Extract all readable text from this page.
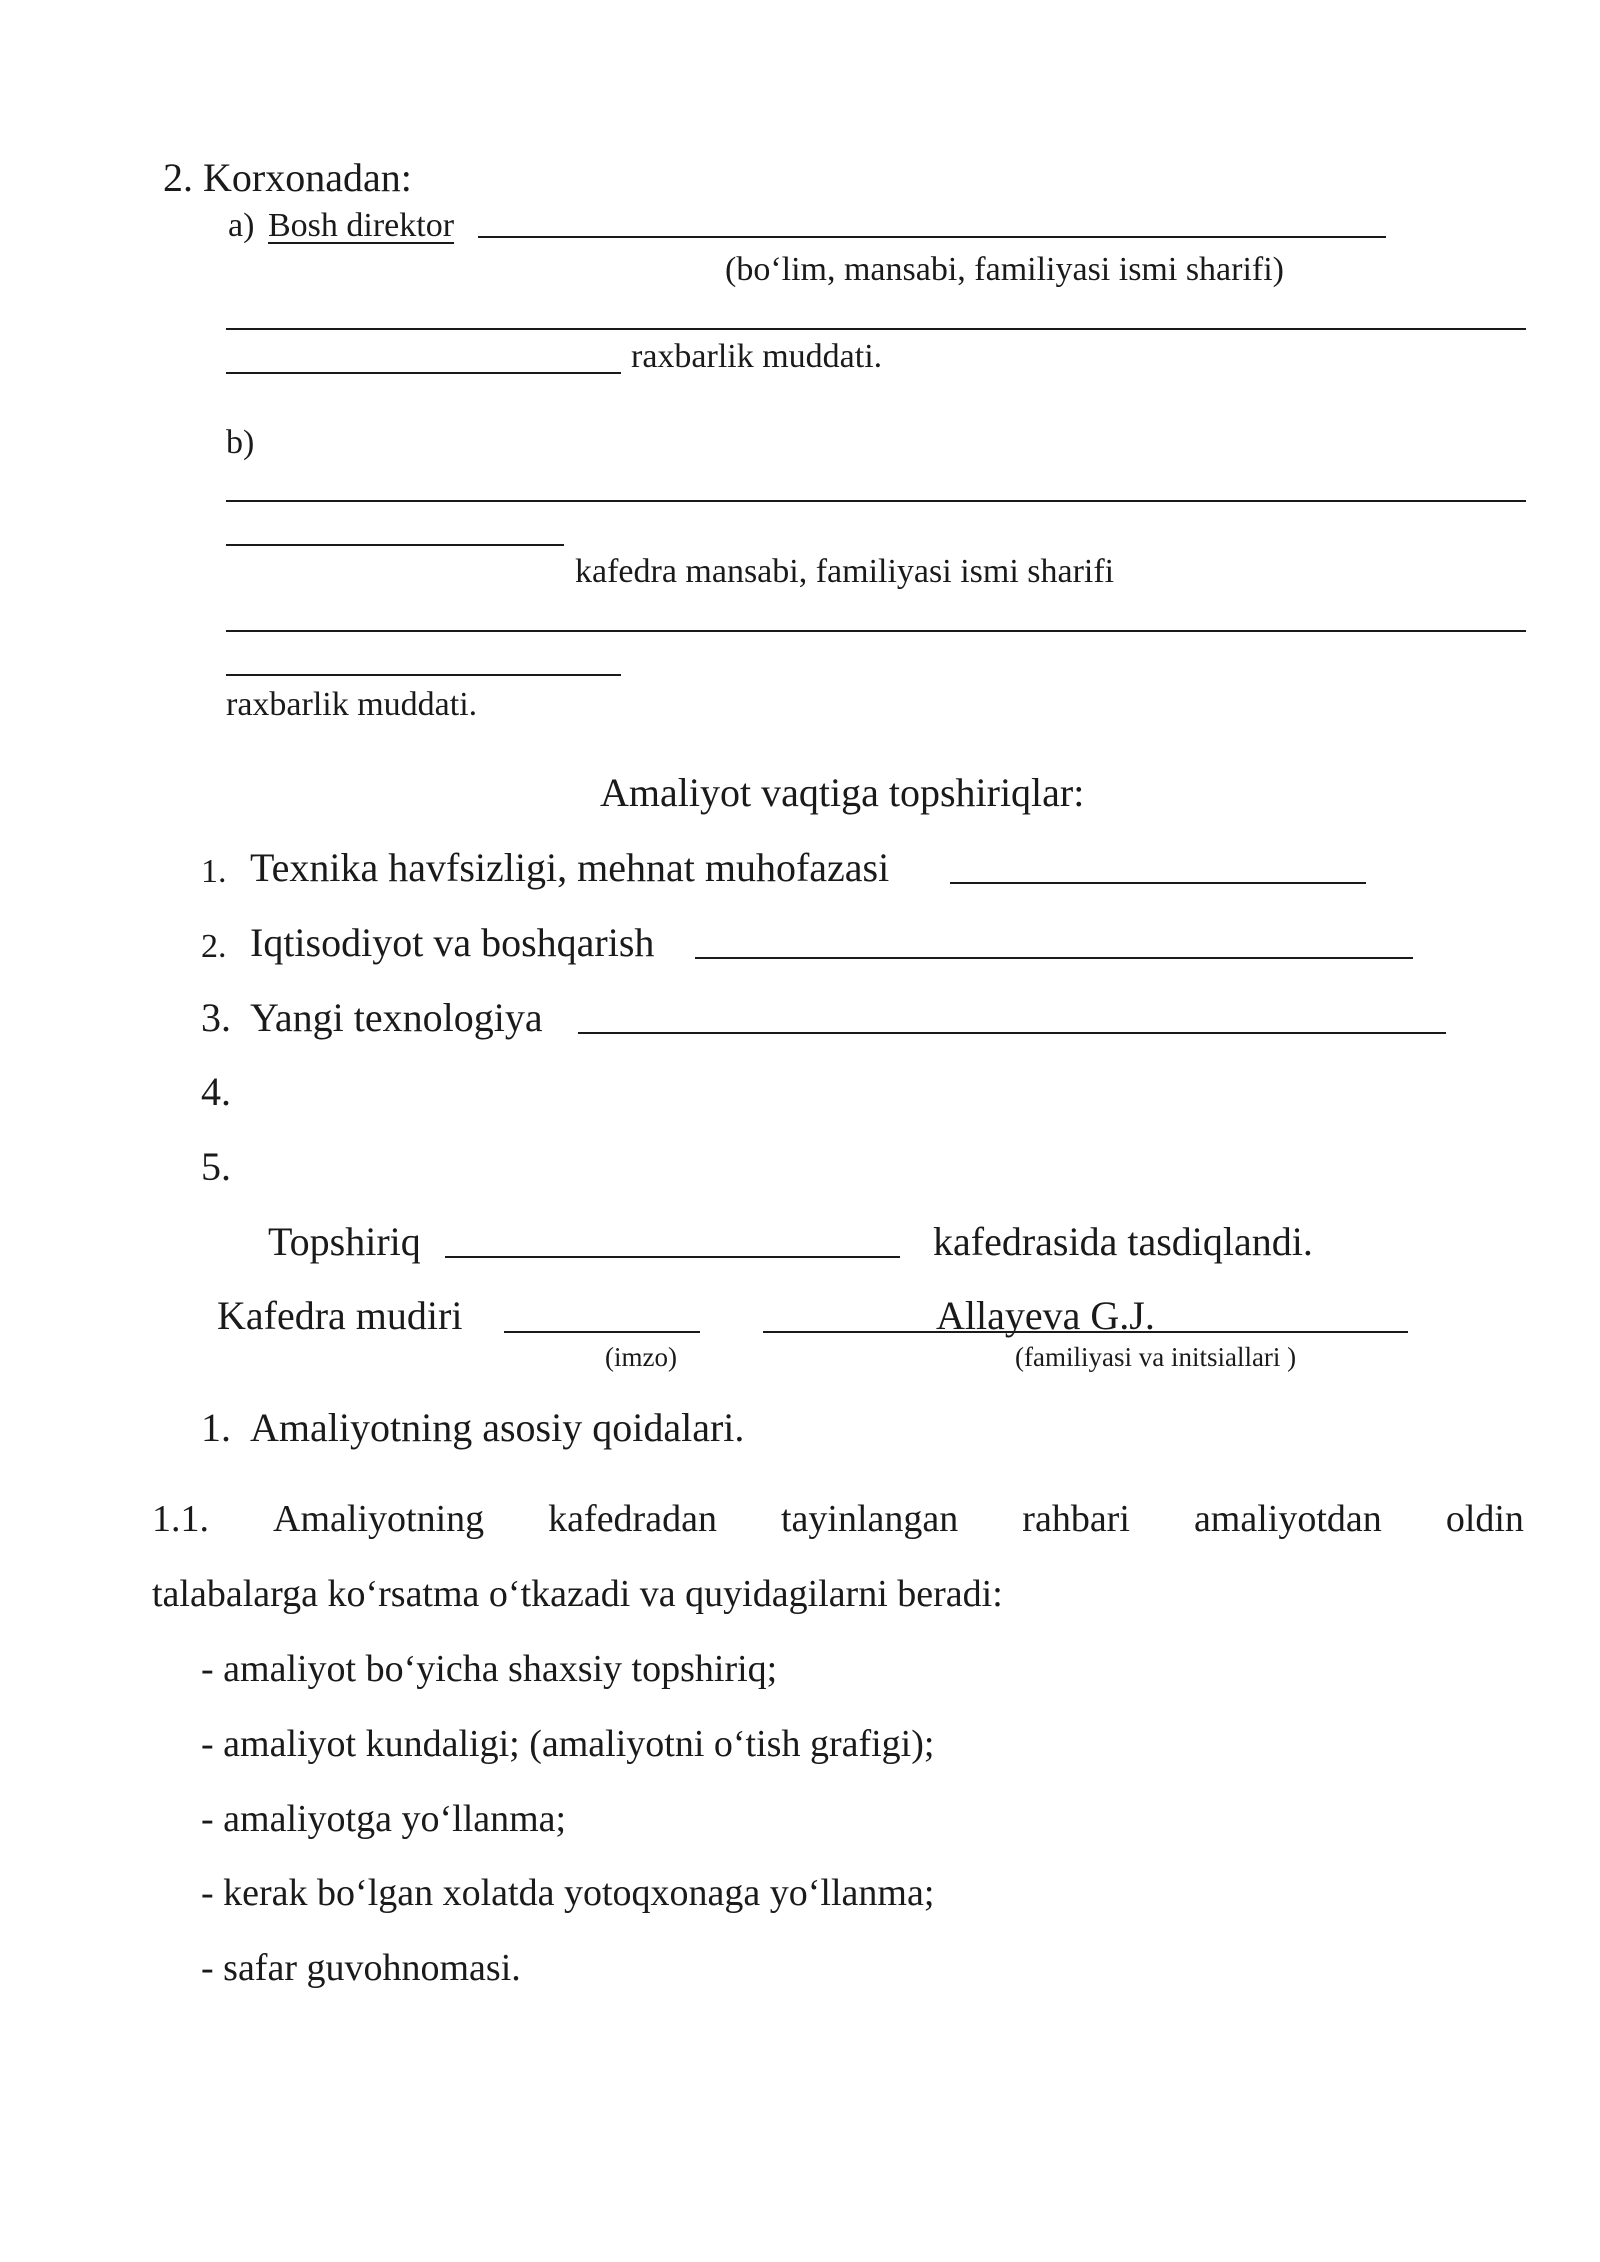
2. Korxonadan:
a) Bosh direktor
(bo‘lim, mansabi, familiyasi ismi sharifi)
raxbarlik muddati.
b)
kafedra mansabi, familiyasi ismi sharifi
raxbarlik muddati.
Amaliyot vaqtiga topshiriqlar:
1. Texnika havfsizligi, mehnat muhofazasi
2. Iqtisodiyot va boshqarish
3. Yangi texnologiya
4.
5.
Topshiriq	kafedrasida tasdiqlandi.
Kafedra mudiri	Allayeva G.J.
(imzo)	(familiyasi va initsiallari )
1. Amaliyotning asosiy qoidalari.
1.1. Amaliyotning kafedradan tayinlangan rahbari amaliyotdan oldin
talabalarga ko‘rsatma o‘tkazadi va quyidagilarni beradi:
- amaliyot bo‘yicha shaxsiy topshiriq;
- amaliyot kundaligi; (amaliyotni o‘tish grafigi);
- amaliyotga yo‘llanma;
- kerak bo‘lgan xolatda yotoqxonaga yo‘llanma;
- safar guvohnomasi.
